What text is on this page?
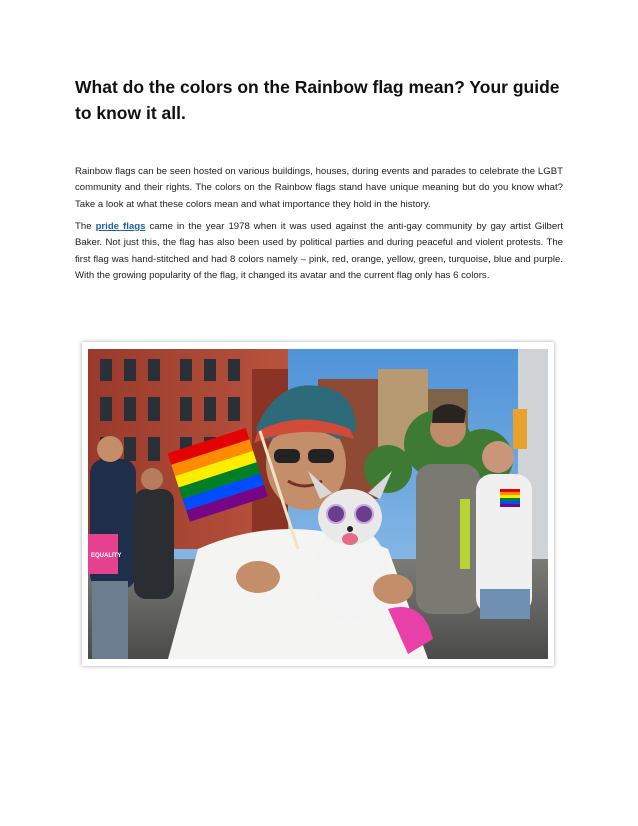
What do the colors on the Rainbow flag mean? Your guide to know it all.

Rainbow flags can be seen hosted on various buildings, houses, during events and parades to celebrate the LGBT community and their rights. The colors on the Rainbow flags stand have unique meaning but do you know what? Take a look at what these colors mean and what importance they hold in the history.

The pride flags came in the year 1978 when it was used against the anti-gay community by gay artist Gilbert Baker. Not just this, the flag has also been used by political parties and during peaceful and violent protests. The first flag was hand-stitched and had 8 colors namely – pink, red, orange, yellow, green, turquoise, blue and purple. With the growing popularity of the flag, it changed its avatar and the current flag only has 6 colors.

EQUALITY
